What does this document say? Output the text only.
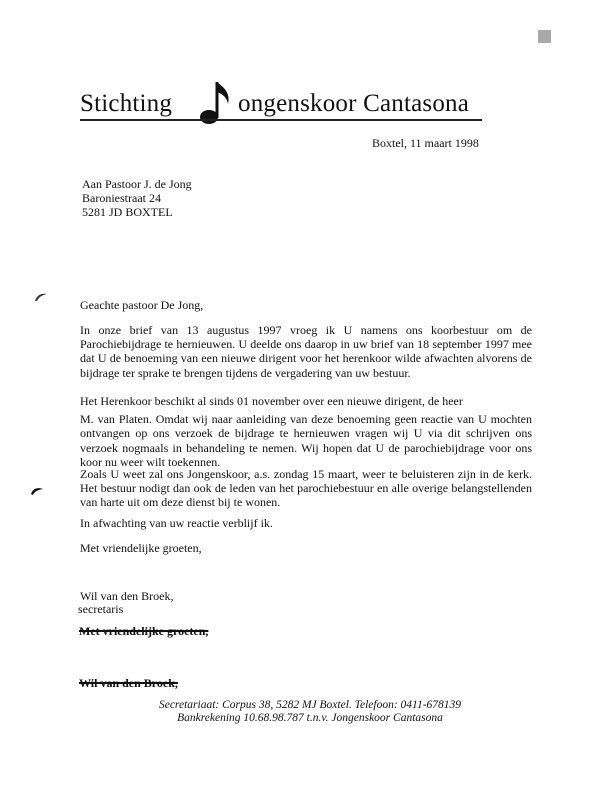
Stichting	ongenskoor Cantasona
Boxtel, 11 maart 1998
Aan Pastoor J. de Jong
Baroniestraat 24
5281 JD BOXTEL
Geachte pastoor De Jong,
In onze brief van 13 augustus 1997 vroeg ik U namens ons koorbestuur om de Parochiebijdrage te hernieuwen. U deelde ons daarop in uw brief van 18 september 1997 mee dat U de benoeming van een nieuwe dirigent voor het herenkoor wilde afwachten alvorens de bijdrage ter sprake te brengen tijdens de vergadering van uw bestuur.
Het Herenkoor beschikt al sinds 01 november over een nieuwe dirigent, de heer
M. van Platen. Omdat wij naar aanleiding van deze benoeming geen reactie van U mochten ontvangen op ons verzoek de bijdrage te hernieuwen vragen wij U via dit schrijven ons verzoek nogmaals in behandeling te nemen. Wij hopen dat U de parochiebijdrage voor ons koor nu weer wilt toekennen.
Zoals U weet zal ons Jongenskoor, a.s. zondag 15 maart, weer te beluisteren zijn in de kerk. Het bestuur nodigt dan ook de leden van het parochiebestuur en alle overige belangstellenden van harte uit om deze dienst bij te wonen.
In afwachting van uw reactie verblijf ik.
Met vriendelijke groeten,
Wil van den Broek,
secretaris
Met vriendelijke groeten,
Wil van den Broek,
Secretariaat: Corpus 38, 5282 MJ Boxtel. Telefoon: 0411-678139
Bankrekening 10.68.98.787 t.n.v. Jongenskoor Cantasona
